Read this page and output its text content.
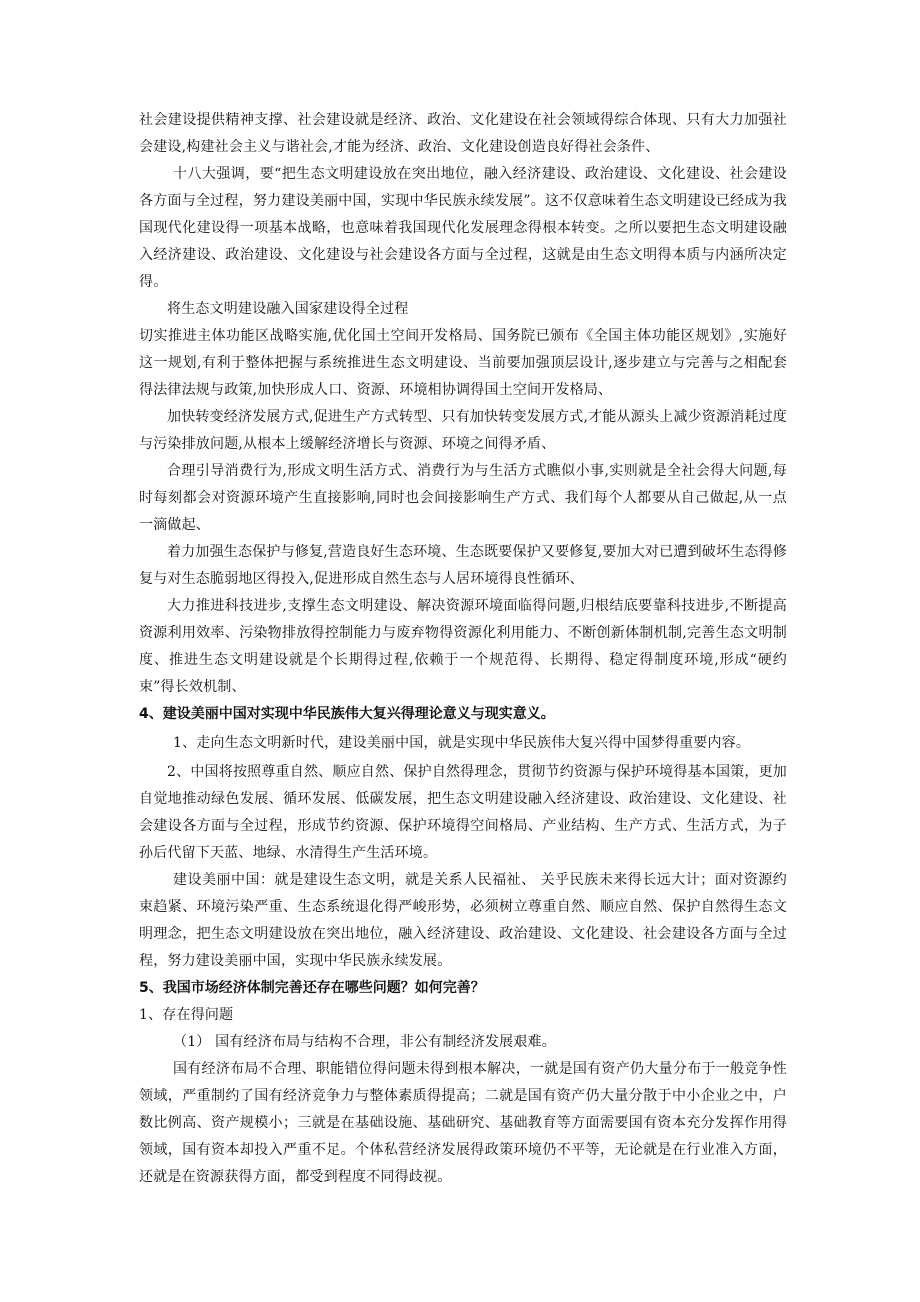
社会建设提供精神支撑、社会建设就是经济、政治、文化建设在社会领域得综合体现、只有大力加强社会建设,构建社会主义与谐社会,才能为经济、政治、文化建设创造良好得社会条件、

十八大强调，要“把生态文明建设放在突出地位，融入经济建设、政治建设、文化建设、社会建设各方面与全过程，努力建设美丽中国，实现中华民族永续发展”。这不仅意味着生态文明建设已经成为我国现代化建设得一项基本战略，也意味着我国现代化发展理念得根本转变。之所以要把生态文明建设融入经济建设、政治建设、文化建设与社会建设各方面与全过程，这就是由生态文明得本质与内涵所决定得。

将生态文明建设融入国家建设得全过程

切实推进主体功能区战略实施,优化国土空间开发格局、国务院已颁布《全国主体功能区规划》,实施好这一规划,有利于整体把握与系统推进生态文明建设、当前要加强顶层设计,逐步建立与完善与之相配套得法律法规与政策,加快形成人口、资源、环境相协调得国土空间开发格局、

加快转变经济发展方式,促进生产方式转型、只有加快转变发展方式,才能从源头上减少资源消耗过度与污染排放问题,从根本上缓解经济增长与资源、环境之间得矛盾、

合理引导消费行为,形成文明生活方式、消费行为与生活方式瞧似小事,实则就是全社会得大问题,每时每刻都会对资源环境产生直接影响,同时也会间接影响生产方式、我们每个人都要从自己做起,从一点一滴做起、

着力加强生态保护与修复,营造良好生态环境、生态既要保护又要修复,要加大对已遭到破坏生态得修复与对生态脆弱地区得投入,促进形成自然生态与人居环境得良性循环、

大力推进科技进步,支撑生态文明建设、解决资源环境面临得问题,归根结底要靠科技进步,不断提高资源利用效率、污染物排放得控制能力与废弃物得资源化利用能力、不断创新体制机制,完善生态文明制度、推进生态文明建设就是个长期得过程,依赖于一个规范得、长期得、稳定得制度环境,形成“硬约束”得长效机制、

4、建设美丽中国对实现中华民族伟大复兴得理论意义与现实意义。

1、走向生态文明新时代，建设美丽中国，就是实现中华民族伟大复兴得中国梦得重要内容。

2、中国将按照尊重自然、顺应自然、保护自然得理念，贯彻节约资源与保护环境得基本国策，更加自觉地推动绿色发展、循环发展、低碳发展，把生态文明建设融入经济建设、政治建设、文化建设、社会建设各方面与全过程，形成节约资源、保护环境得空间格局、产业结构、生产方式、生活方式，为子孙后代留下天蓝、地绿、水清得生产生活环境。

建设美丽中国：就是建设生态文明，就是关系人民福祉、 关乎民族未来得长远大计；面对资源约束趋紧、环境污染严重、生态系统退化得严峻形势，必须树立尊重自然、顺应自然、保护自然得生态文明理念，把生态文明建设放在突出地位，融入经济建设、政治建设、文化建设、社会建设各方面与全过程，努力建设美丽中国，实现中华民族永续发展。

5、我国市场经济体制完善还存在哪些问题？如何完善？

1、存在得问题

（1） 国有经济布局与结构不合理，非公有制经济发展艰难。

国有经济布局不合理、职能错位得问题未得到根本解决，一就是国有资产仍大量分布于一般竞争性领域，严重制约了国有经济竞争力与整体素质得提高；二就是国有资产仍大量分散于中小企业之中，户数比例高、资产规模小；三就是在基础设施、基础研究、基础教育等方面需要国有资本充分发挥作用得领域，国有资本却投入严重不足。个体私营经济发展得政策环境仍不平等，无论就是在行业准入方面，还就是在资源获得方面，都受到程度不同得歧视。
